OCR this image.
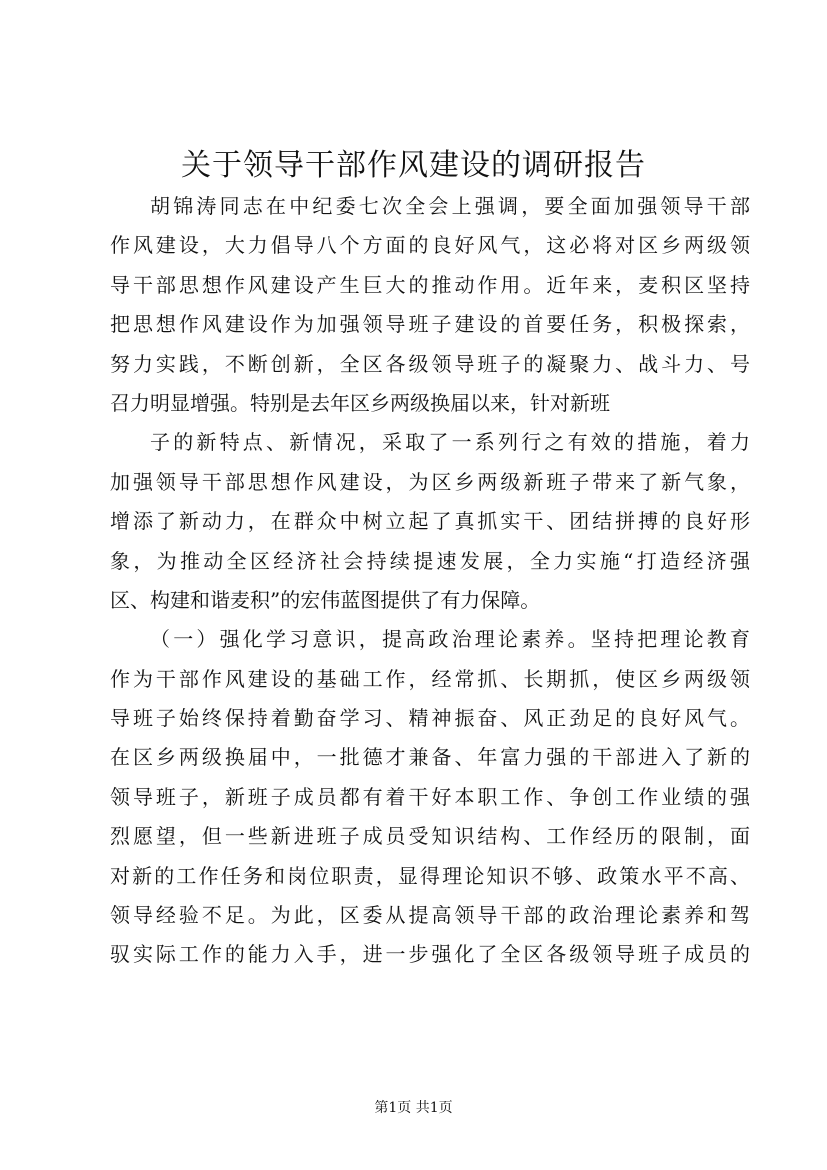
关于领导干部作风建设的调研报告
胡锦涛同志在中纪委七次全会上强调，要全面加强领导干部
作风建设，大力倡导八个方面的良好风气，这必将对区乡两级领
导干部思想作风建设产生巨大的推动作用。近年来，麦积区坚持
把思想作风建设作为加强领导班子建设的首要任务，积极探索，
努力实践，不断创新，全区各级领导班子的凝聚力、战斗力、号
召力明显增强。特别是去年区乡两级换届以来，针对新班
子的新特点、新情况，采取了一系列行之有效的措施，着力
加强领导干部思想作风建设，为区乡两级新班子带来了新气象，
增添了新动力，在群众中树立起了真抓实干、团结拼搏的良好形
象，为推动全区经济社会持续提速发展，全力实施“打造经济强
区、构建和谐麦积”的宏伟蓝图提供了有力保障。
（一）强化学习意识，提高政治理论素养。坚持把理论教育
作为干部作风建设的基础工作，经常抓、长期抓，使区乡两级领
导班子始终保持着勤奋学习、精神振奋、风正劲足的良好风气。
在区乡两级换届中，一批德才兼备、年富力强的干部进入了新的
领导班子，新班子成员都有着干好本职工作、争创工作业绩的强
烈愿望，但一些新进班子成员受知识结构、工作经历的限制，面
对新的工作任务和岗位职责，显得理论知识不够、政策水平不高、
领导经验不足。为此，区委从提高领导干部的政治理论素养和驾
驭实际工作的能力入手，进一步强化了全区各级领导班子成员的
第1页 共1页
